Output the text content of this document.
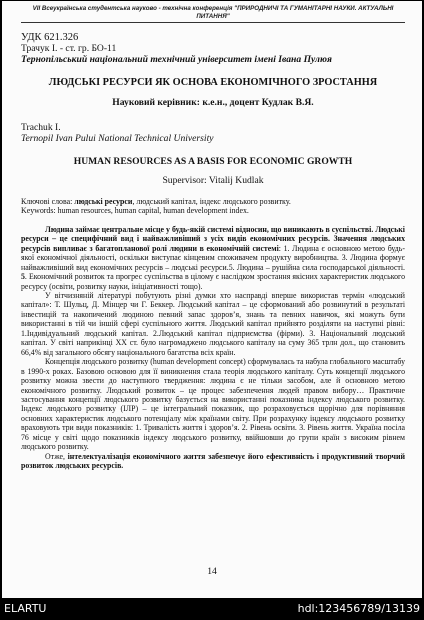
VII Всеукраїнська студентська науково - технічна конференція "ПРИРОДНИЧІ ТА ГУМАНІТАРНІ НАУКИ. АКТУАЛЬНІ ПИТАННЯ"
УДК 621.326
Трачук І. - ст. гр. БО-11
Тернопільський національний технічний університет імені Івана Пулюя
ЛЮДСЬКІ РЕСУРСИ ЯК ОСНОВА ЕКОНОМІЧНОГО ЗРОСТАННЯ
Науковий керівник: к.е.н., доцент Кудлак В.Я.
Trachuk I.
Ternopil Ivan Pului National Technical University
HUMAN RESOURCES AS A BASIS FOR ECONOMIC GROWTH
Supervisor: Vitalij Kudlak
Ключові слова: людські ресурси, людський капітал, індекс людського розвитку.
Keywords: human resources, human capital, human development index.

Людина займає центральне місце у будь-якій системі відносин, що виникають в суспільстві. Людські ресурси – це специфічний вид і найважливіший з усіх видів економічних ресурсів. Значення людських ресурсів випливає з багатопланової ролі людини в економічній системі: 1. Людина є основною метою будь-якої економічної діяльності, оскільки виступає кінцевим споживачем продукту виробництва. 3. Людина формує найважливіший вид економічних ресурсів – людські ресурси.5. Людина – рушійна сила господарської діяльності. 5. Економічний розвиток та прогрес суспільства в цілому є наслідком зростання якісних характеристик людського ресурсу (освіти, розвитку науки, ініціативності тощо).

У вітчизняній літературі побутують різні думки хто насправді вперше використав термін «людський капітал»: Т. Шульц, Д. Мінцер чи Г. Беккер. Людський капітал – це сформований або розвинутий в результаті інвестицій та накопичений людиною певний запас здоров’я, знань та певних навичок, які можуть бути використанні в тій чи іншій сфері суспільного життя. Людський капітал прийнято розділяти на наступні рівні: 1.Індивідуальний людський капітал. 2.Людський капітал підприємства (фірми). 3. Національний людський капітал. У світі наприкінці ХХ ст. було нагромаджено людського капіталу на суму 365 трлн дол., що становить 66,4% від загального обсягу національного багатства всіх країн.

Концепція людського розвитку (human development concept) сформувалась та набула глобального масштабу в 1990-х роках. Базовою основою для її виникнення стала теорія людського капіталу. Суть концепції людського розвитку можна звести до наступного твердження: людина є не тільки засобом, але й основною метою економічного розвитку. Людський розвиток – це процес забезпечення людей правом вибору… Практичне застосування концепції людського розвитку базується на використанні показника індексу людського розвитку. Індекс людського розвитку (ІЛР) – це інтегральний показник, що розраховується щорічно для порівняння основних характеристик людського потенціалу між країнами світу. При розрахунку індексу людського розвитку враховують три види показників: 1. Тривалість життя і здоров’я. 2. Рівень освіти. 3. Рівень життя. Україна посіла 76 місце у світі щодо показників індексу людського розвитку, ввійшовши до групи країн з високим рівнем людського розвитку.

Отже, інтелектуалізація економічного життя забезпечує його ефективність і продуктивний творчий розвиток людських ресурсів.

14
ELARTU	hdl:123456789/13139
